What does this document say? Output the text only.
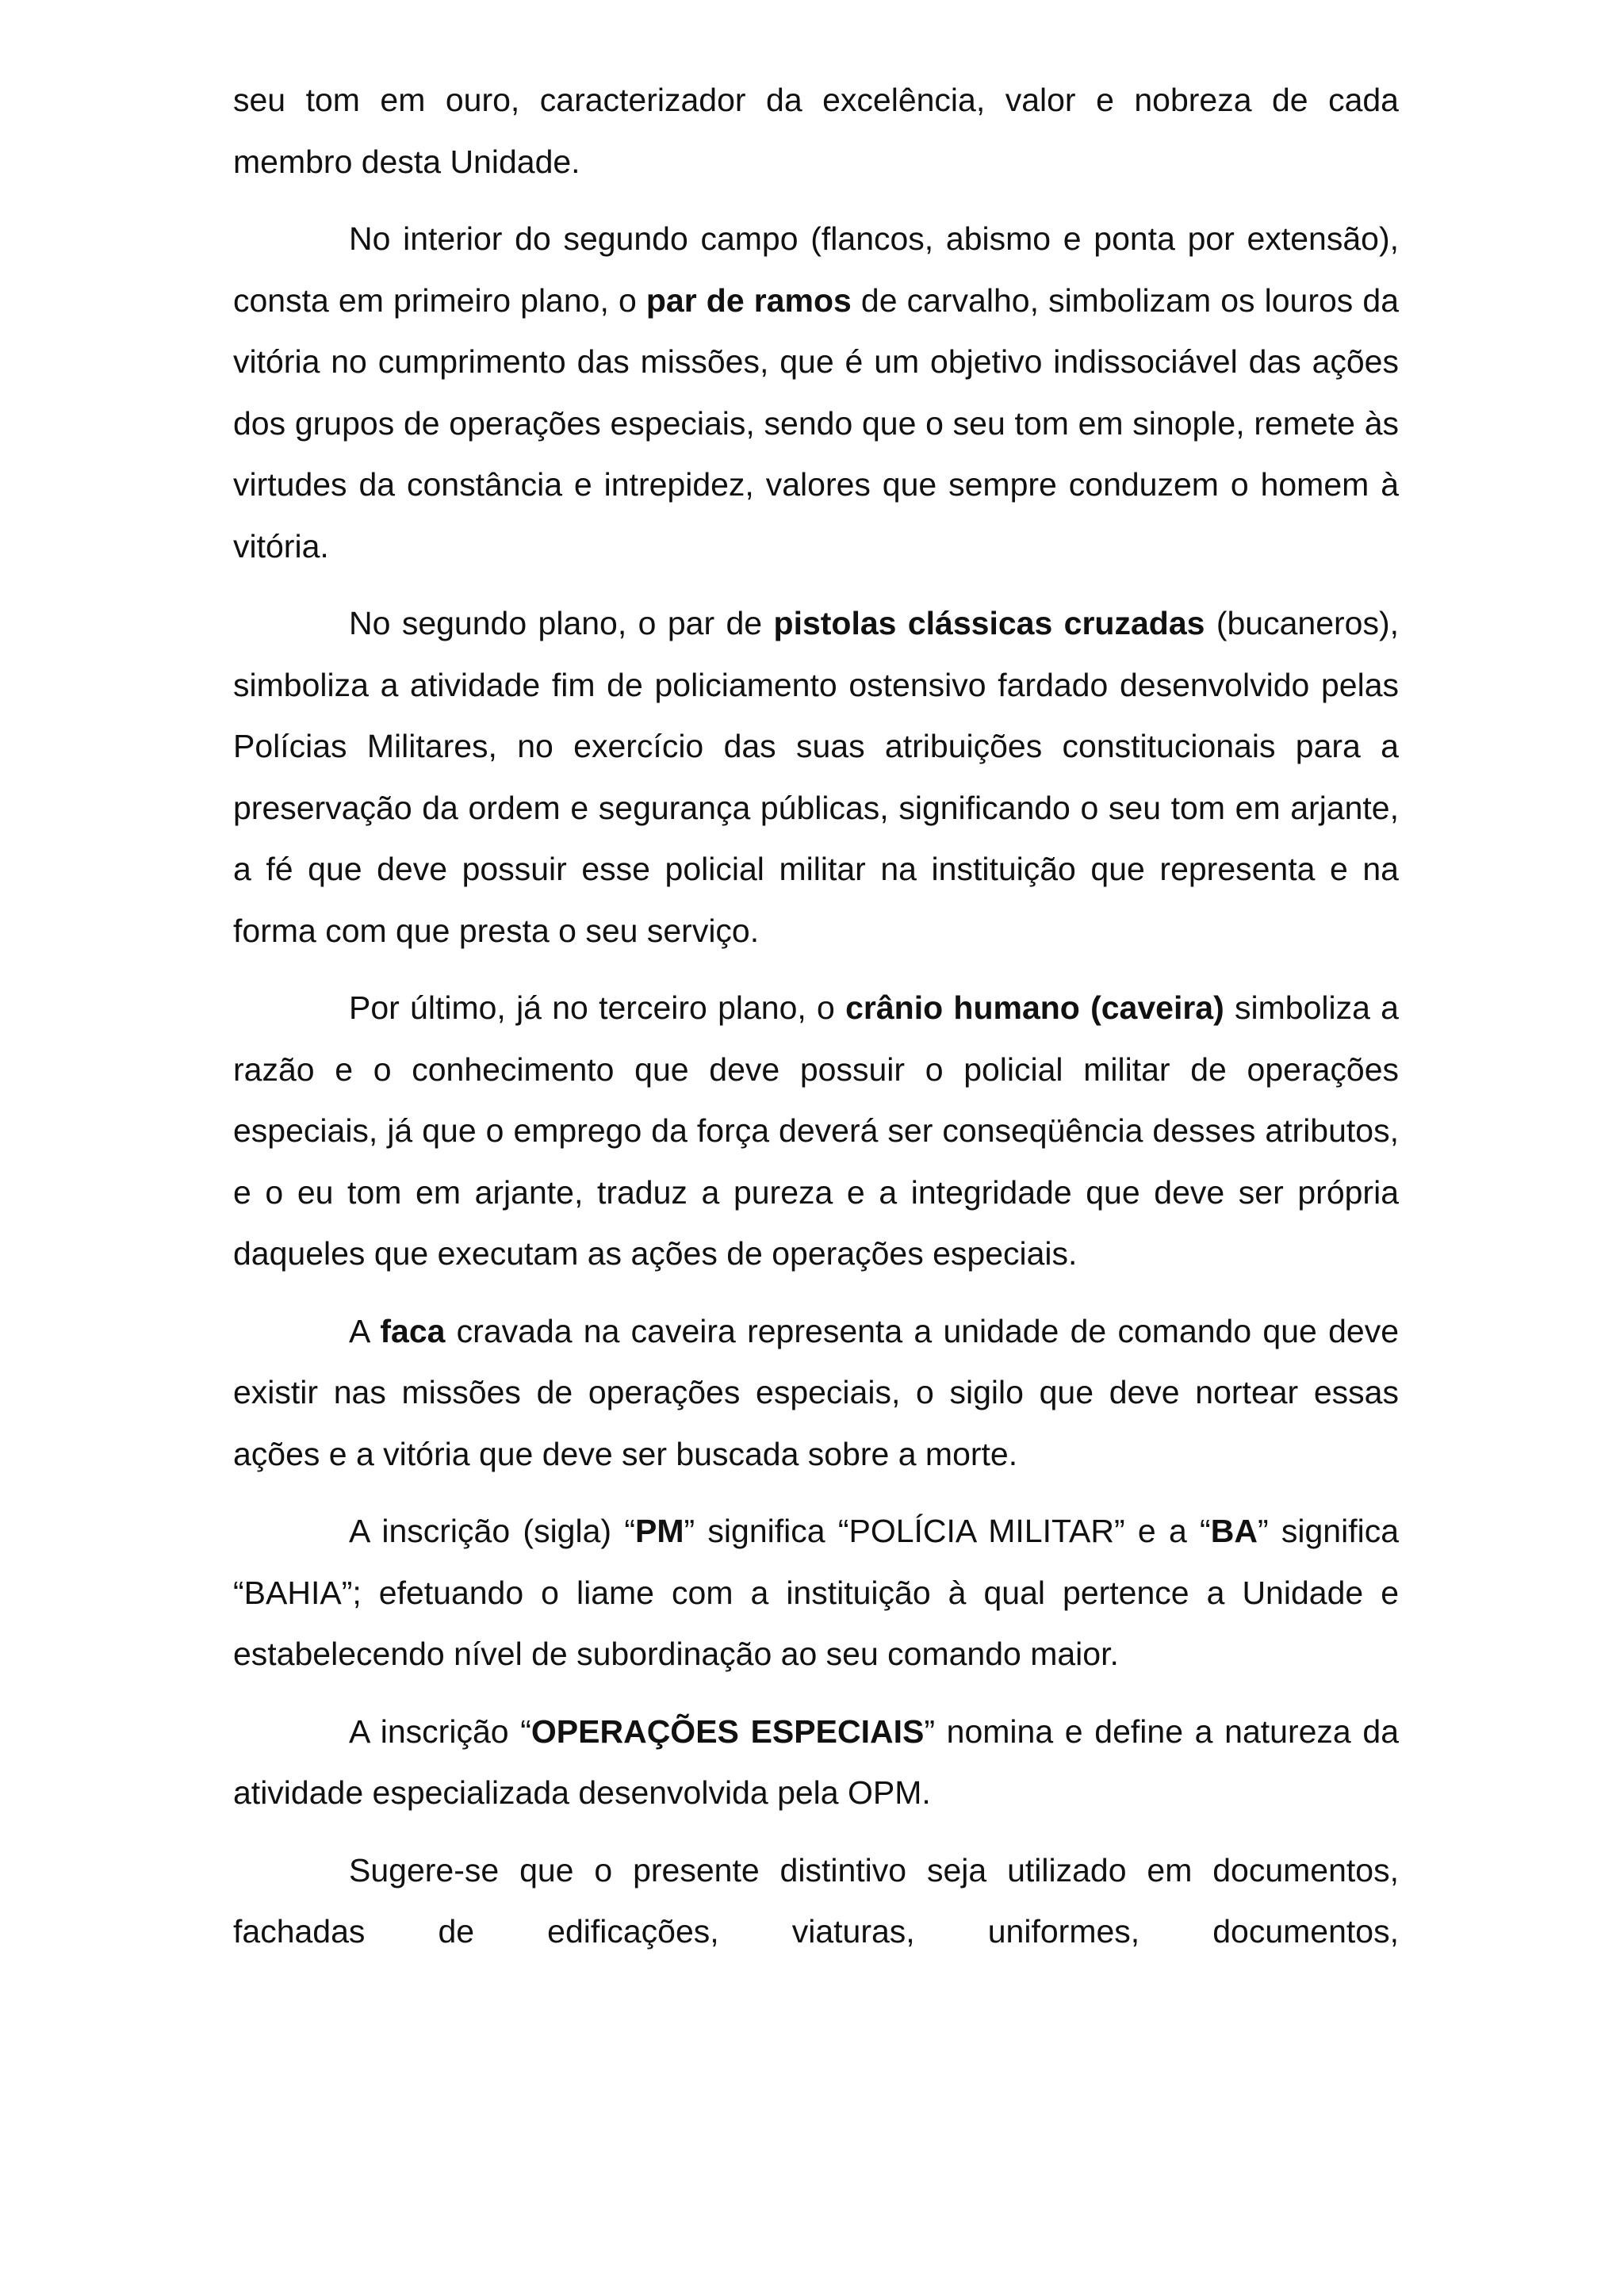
seu tom em ouro, caracterizador da excelência, valor e nobreza de cada membro desta Unidade.

No interior do segundo campo (flancos, abismo e ponta por extensão), consta em primeiro plano, o par de ramos de carvalho, simbolizam os louros da vitória no cumprimento das missões, que é um objetivo indissociável das ações dos grupos de operações especiais, sendo que o seu tom em sinople, remete às virtudes da constância e intrepidez, valores que sempre conduzem o homem à vitória.

No segundo plano, o par de pistolas clássicas cruzadas (bucaneros), simboliza a atividade fim de policiamento ostensivo fardado desenvolvido pelas Polícias Militares, no exercício das suas atribuições constitucionais para a preservação da ordem e segurança públicas, significando o seu tom em arjante, a fé que deve possuir esse policial militar na instituição que representa e na forma com que presta o seu serviço.

Por último, já no terceiro plano, o crânio humano (caveira) simboliza a razão e o conhecimento que deve possuir o policial militar de operações especiais, já que o emprego da força deverá ser conseqüência desses atributos, e o eu tom em arjante, traduz a pureza e a integridade que deve ser própria daqueles que executam as ações de operações especiais.

A faca cravada na caveira representa a unidade de comando que deve existir nas missões de operações especiais, o sigilo que deve nortear essas ações e a vitória que deve ser buscada sobre a morte.

A inscrição (sigla) “PM” significa “POLÍCIA MILITAR” e a “BA” significa “BAHIA”; efetuando o liame com a instituição à qual pertence a Unidade e estabelecendo nível de subordinação ao seu comando maior.

A inscrição “OPERAÇÕES ESPECIAIS” nomina e define a natureza da atividade especializada desenvolvida pela OPM.

Sugere-se que o presente distintivo seja utilizado em documentos, fachadas de edificações, viaturas, uniformes, documentos,
